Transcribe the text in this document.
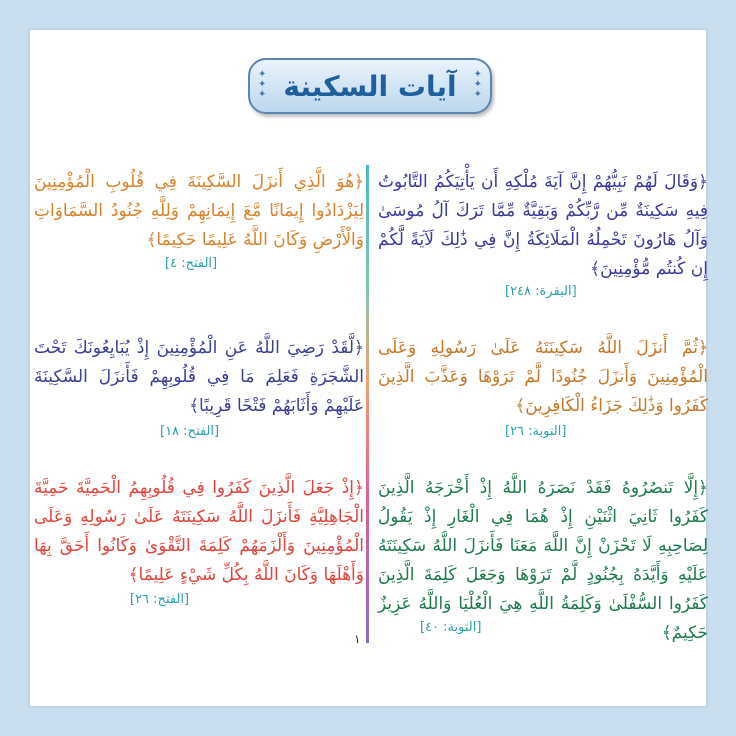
✦
✦
✦ آيات السكينة ✦
✦
✦
﴿وَقَالَ لَهُمْ نَبِيُّهُمْ إِنَّ آيَةَ مُلْكِهِ أَن يَأْتِيَكُمُ التَّابُوتُ فِيهِ سَكِينَةٌ مِّن رَّبِّكُمْ وَبَقِيَّةٌ مِّمَّا تَرَكَ آلُ مُوسَىٰ وَآلُ هَارُونَ تَحْمِلُهُ الْمَلَائِكَةُ إِنَّ فِي ذَٰلِكَ لَآيَةً لَّكُمْ إِن كُنتُم مُّؤْمِنِينَ﴾
[البقرة: ٢٤٨]
﴿هُوَ الَّذِي أَنزَلَ السَّكِينَةَ فِي قُلُوبِ الْمُؤْمِنِينَ لِيَزْدَادُوا إِيمَانًا مَّعَ إِيمَانِهِمْ وَلِلَّهِ جُنُودُ السَّمَاوَاتِ وَالْأَرْضِ وَكَانَ اللَّهُ عَلِيمًا حَكِيمًا﴾
[الفتح: ٤]
﴿ثُمَّ أَنزَلَ اللَّهُ سَكِينَتَهُ عَلَىٰ رَسُولِهِ وَعَلَى الْمُؤْمِنِينَ وَأَنزَلَ جُنُودًا لَّمْ تَرَوْهَا وَعَذَّبَ الَّذِينَ كَفَرُوا وَذَٰلِكَ جَزَاءُ الْكَافِرِينَ﴾
[التوبة: ٢٦]
﴿لَّقَدْ رَضِيَ اللَّهُ عَنِ الْمُؤْمِنِينَ إِذْ يُبَايِعُونَكَ تَحْتَ الشَّجَرَةِ فَعَلِمَ مَا فِي قُلُوبِهِمْ فَأَنزَلَ السَّكِينَةَ عَلَيْهِمْ وَأَثَابَهُمْ فَتْحًا قَرِيبًا﴾
[الفتح: ١٨]
﴿إِلَّا تَنصُرُوهُ فَقَدْ نَصَرَهُ اللَّهُ إِذْ أَخْرَجَهُ الَّذِينَ كَفَرُوا ثَانِيَ اثْنَيْنِ إِذْ هُمَا فِي الْغَارِ إِذْ يَقُولُ لِصَاحِبِهِ لَا تَحْزَنْ إِنَّ اللَّهَ مَعَنَا فَأَنزَلَ اللَّهُ سَكِينَتَهُ عَلَيْهِ وَأَيَّدَهُ بِجُنُودٍ لَّمْ تَرَوْهَا وَجَعَلَ كَلِمَةَ الَّذِينَ كَفَرُوا السُّفْلَىٰ وَكَلِمَةُ اللَّهِ هِيَ الْعُلْيَا وَاللَّهُ عَزِيزٌ حَكِيمٌ﴾
[التوبة: ٤٠]
﴿إِذْ جَعَلَ الَّذِينَ كَفَرُوا فِي قُلُوبِهِمُ الْحَمِيَّةَ حَمِيَّةَ الْجَاهِلِيَّةِ فَأَنزَلَ اللَّهُ سَكِينَتَهُ عَلَىٰ رَسُولِهِ وَعَلَى الْمُؤْمِنِينَ وَأَلْزَمَهُمْ كَلِمَةَ التَّقْوَىٰ وَكَانُوا أَحَقَّ بِهَا وَأَهْلَهَا وَكَانَ اللَّهُ بِكُلِّ شَيْءٍ عَلِيمًا﴾
[الفتح: ٢٦]
١
